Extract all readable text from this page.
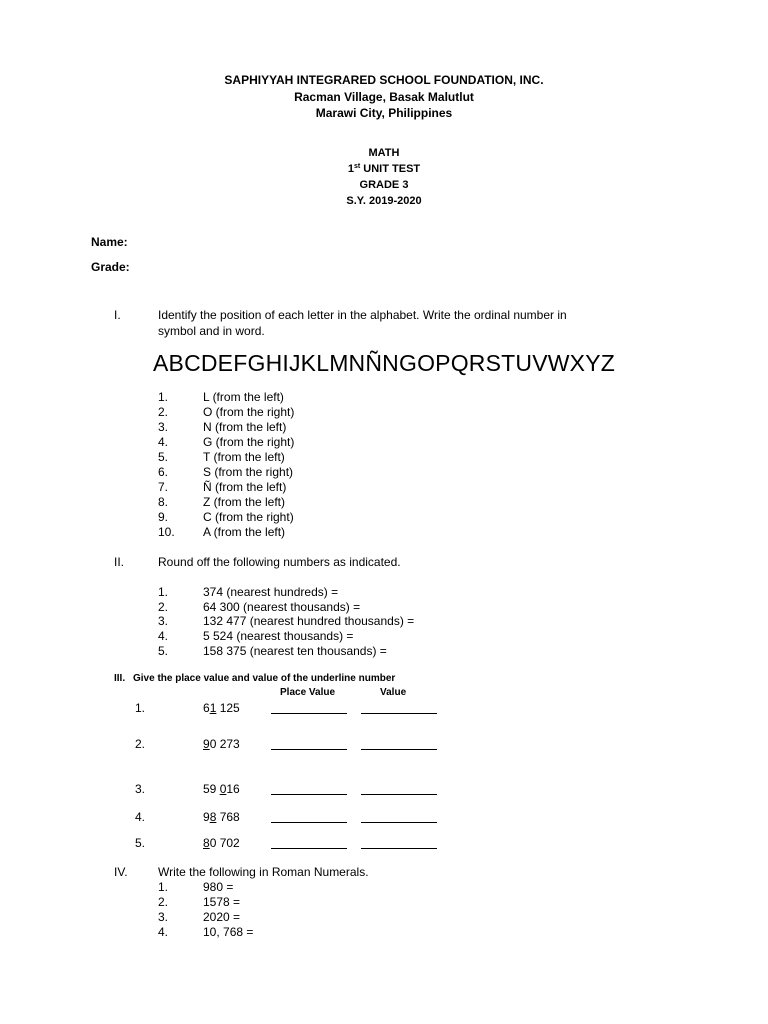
SAPHIYYAH INTEGRARED SCHOOL FOUNDATION, INC.
Racman Village, Basak Malutlut
Marawi City, Philippines
MATH
1st UNIT TEST
GRADE 3
S.Y. 2019-2020
Name:
Grade:
I.	Identify the position of each letter in the alphabet. Write the ordinal number in
symbol and in word.
ABCDEFGHIJKLMNÑNGOPQRSTUVWXYZ
1.	L (from the left)
2.	O (from the right)
3.	N (from the left)
4.	G (from the right)
5.	T (from the left)
6.	S (from the right)
7.	Ñ (from the left)
8.	Z (from the left)
9.	C (from the right)
10. A (from the left)
II.	Round off the following numbers as indicated.
1.	374 (nearest hundreds) =
2.	64 300 (nearest thousands) =
3.	132 477 (nearest hundred thousands) =
4.	5 524 (nearest thousands) =
5.	158 375 (nearest ten thousands) =
III. Give the place value and value of the underline number
Place Value	Value
1.	61 125
2.	90 273
3.	59 016
4.	98 768
5.	80 702
IV.	Write the following in Roman Numerals.
1.	980 =
2.	1578 =
3.	2020 =
4.	10, 768 =
